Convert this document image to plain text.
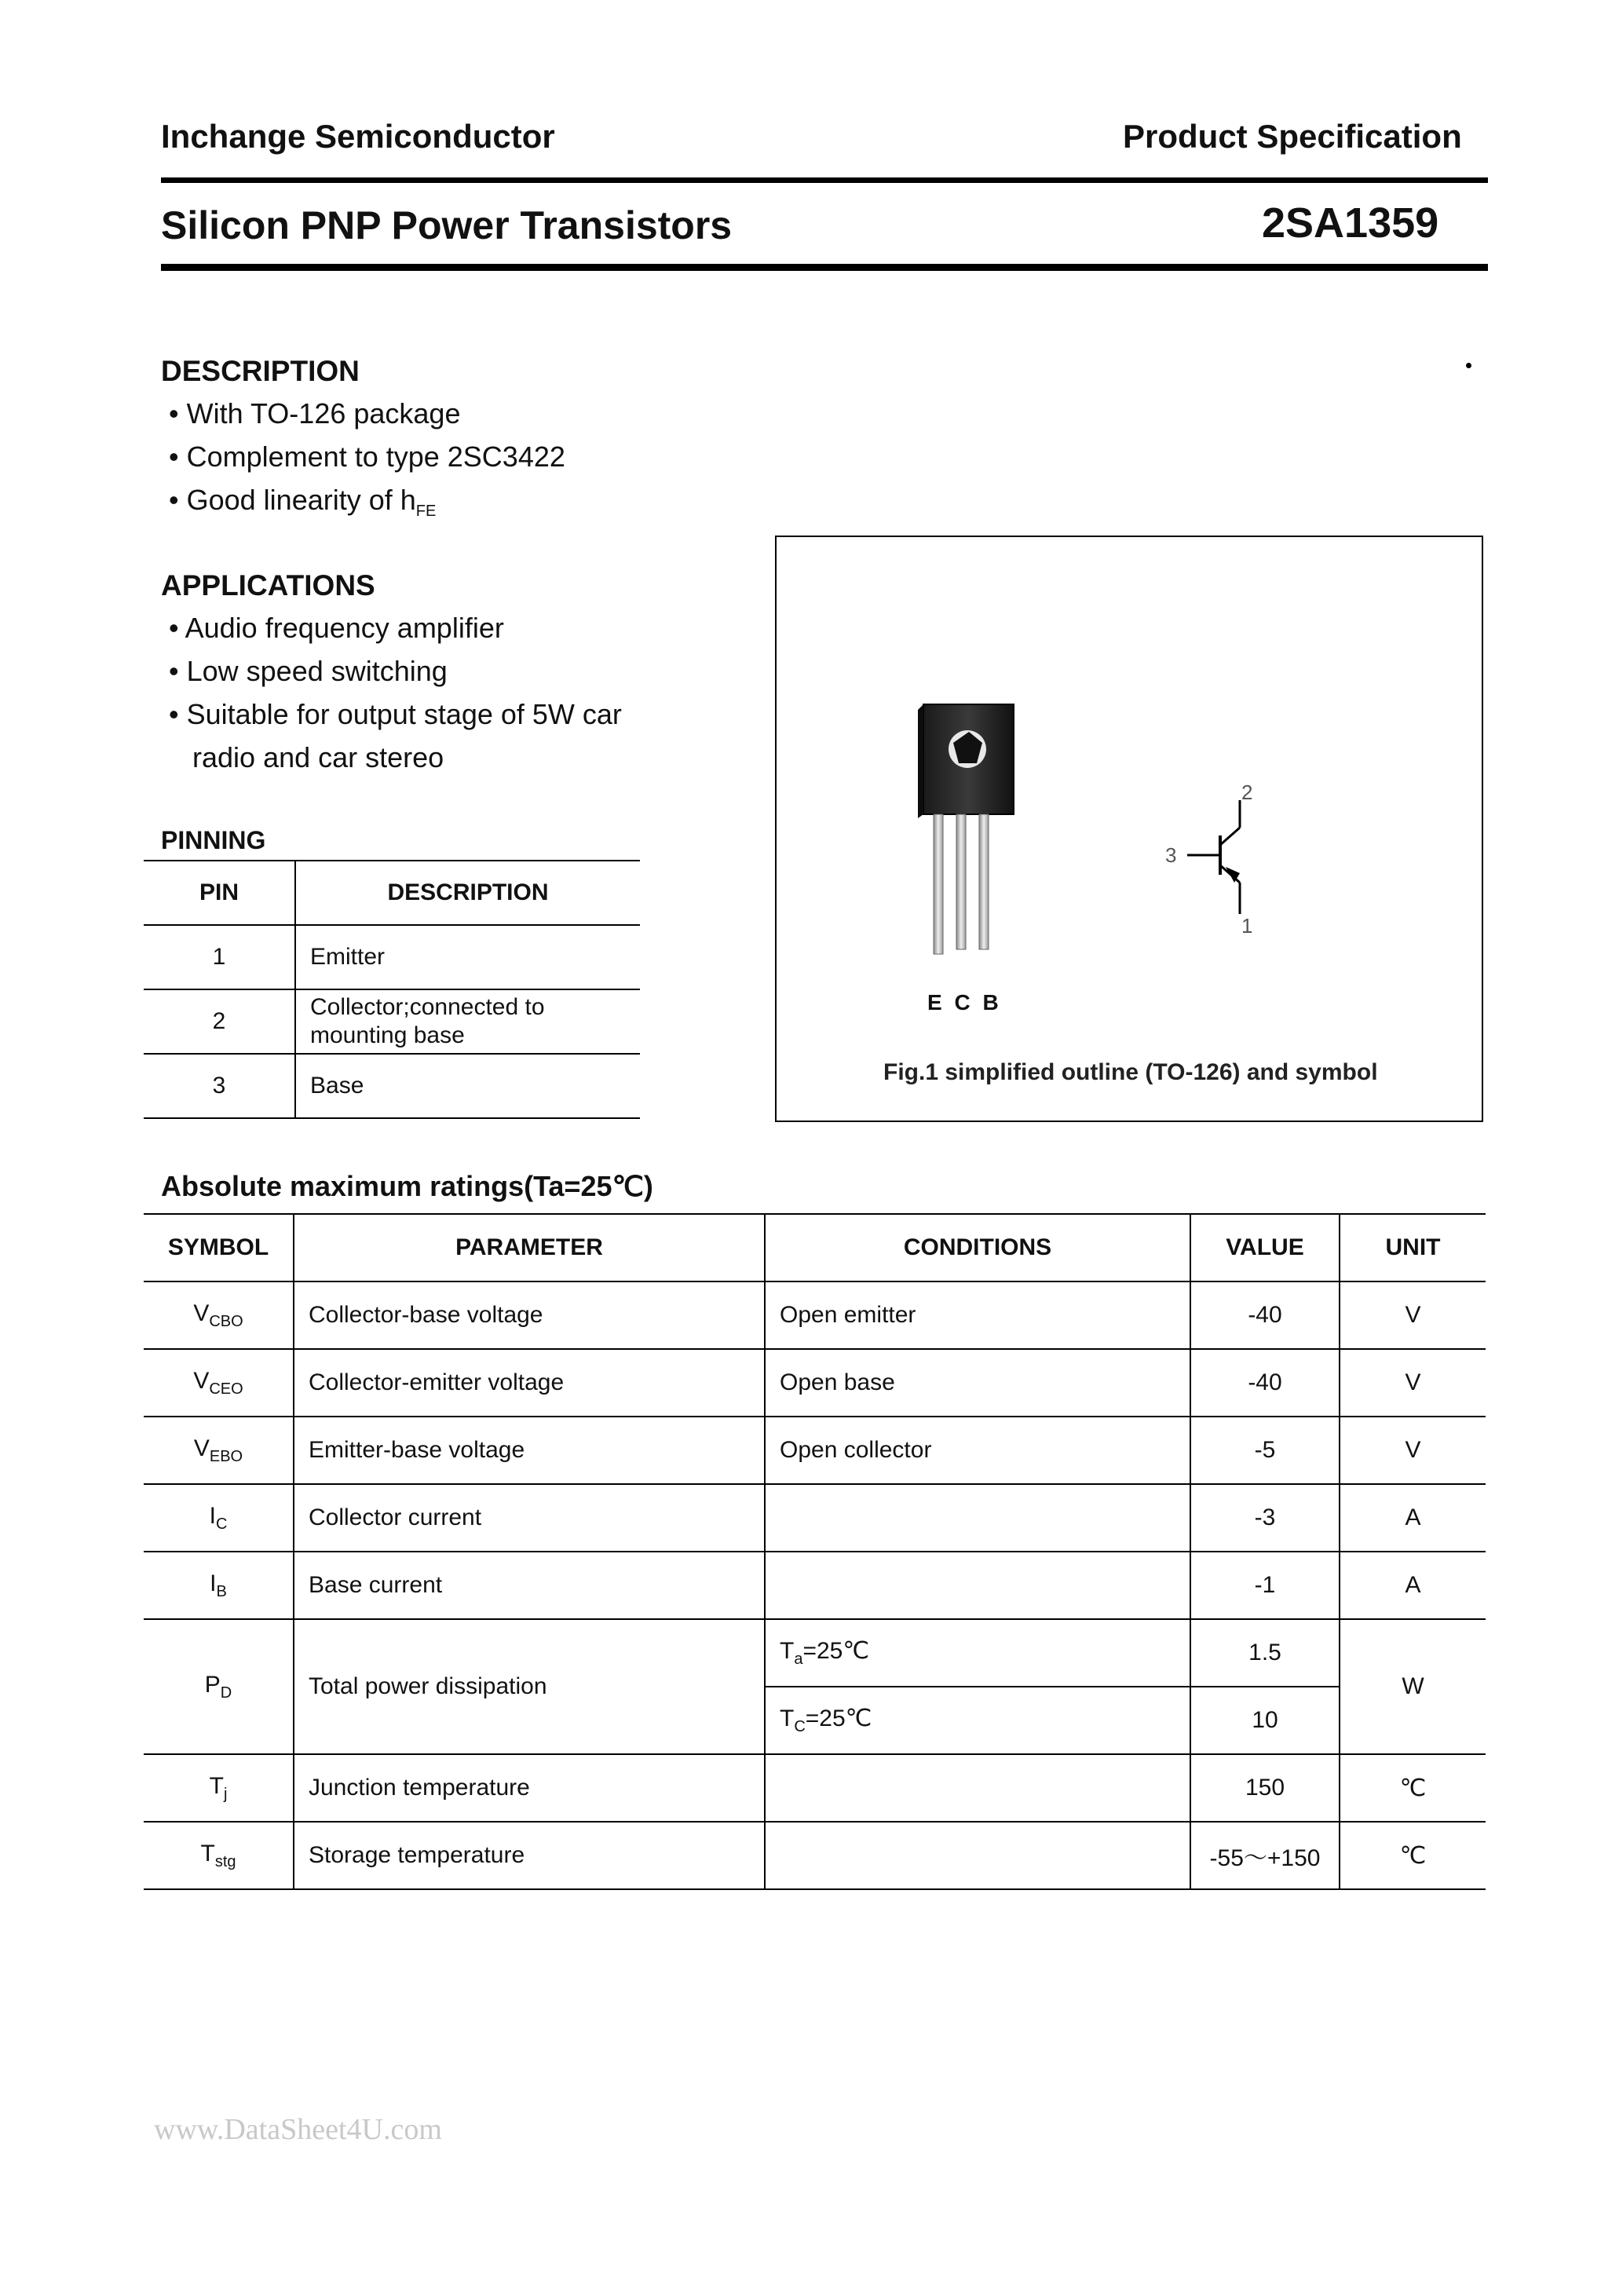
Inchange Semiconductor	Product Specification
Silicon PNP Power Transistors	2SA1359
DESCRIPTION
• With TO-126 package
• Complement to type 2SC3422
• Good linearity of $h_{FE}$
APPLICATIONS
• Audio frequency amplifier
• Low speed switching
• Suitable for output stage of 5W car
radio and car stereo
PINNING
PIN	DESCRIPTION
1	Emitter
2	Collector;connected to
mounting base
3	Base
2
3
1
E C B
Fig.1 simplified outline (TO-126) and symbol
Absolute maximum ratings(Ta=25℃)
SYMBOL	PARAMETER	CONDITIONS	VALUE	UNIT
$V_{CBO}$	Collector-base voltage	Open emitter	-40	V
$V_{CEO}$	Collector-emitter voltage	Open base	-40	V
$V_{EBO}$	Emitter-base voltage	Open collector	-5	V
$I_C$	Collector current		-3	A
$I_B$	Base current		-1	A
$P_D$	Total power dissipation	$T_a=25℃$	1.5	W
		$T_C=25℃$	10	
$T_j$	Junction temperature		150	℃
$T_{stg}$	Storage temperature		-55～+150	℃
www.DataSheet4U.com
